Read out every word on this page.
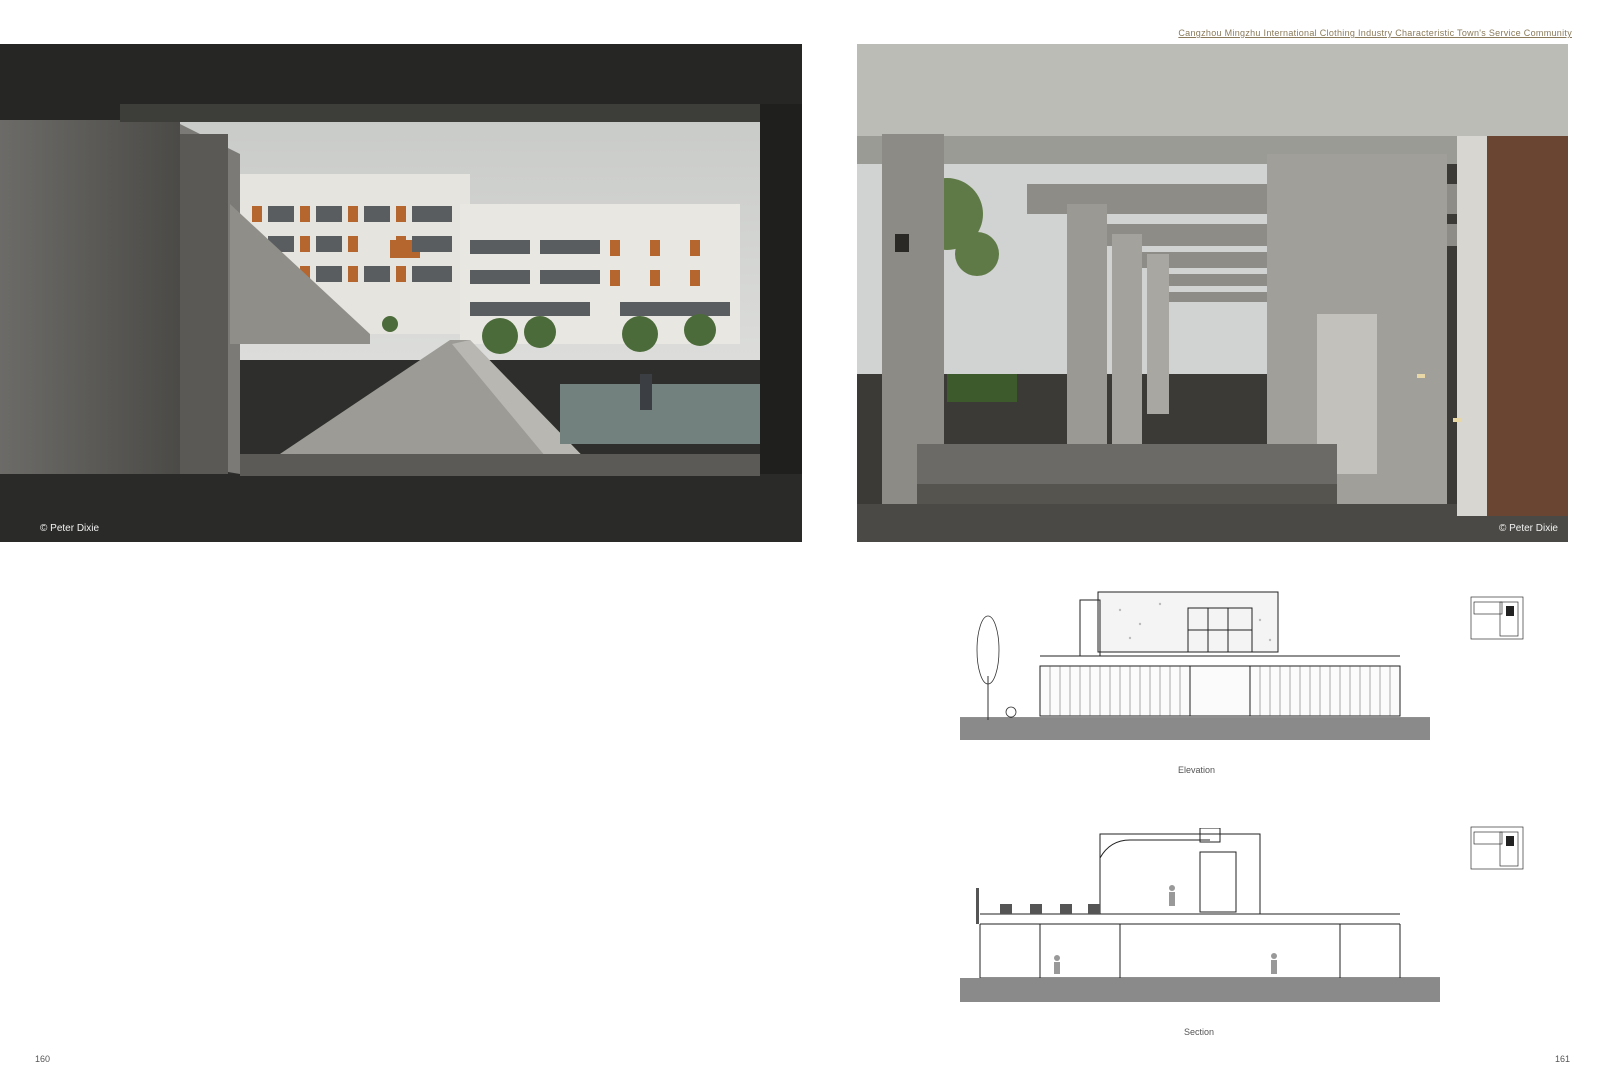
Cangzhou Mingzhu International Clothing Industry Characteristic Town's Service Community
© Peter Dixie	© Peter Dixie

Elevation
Section
160	161
